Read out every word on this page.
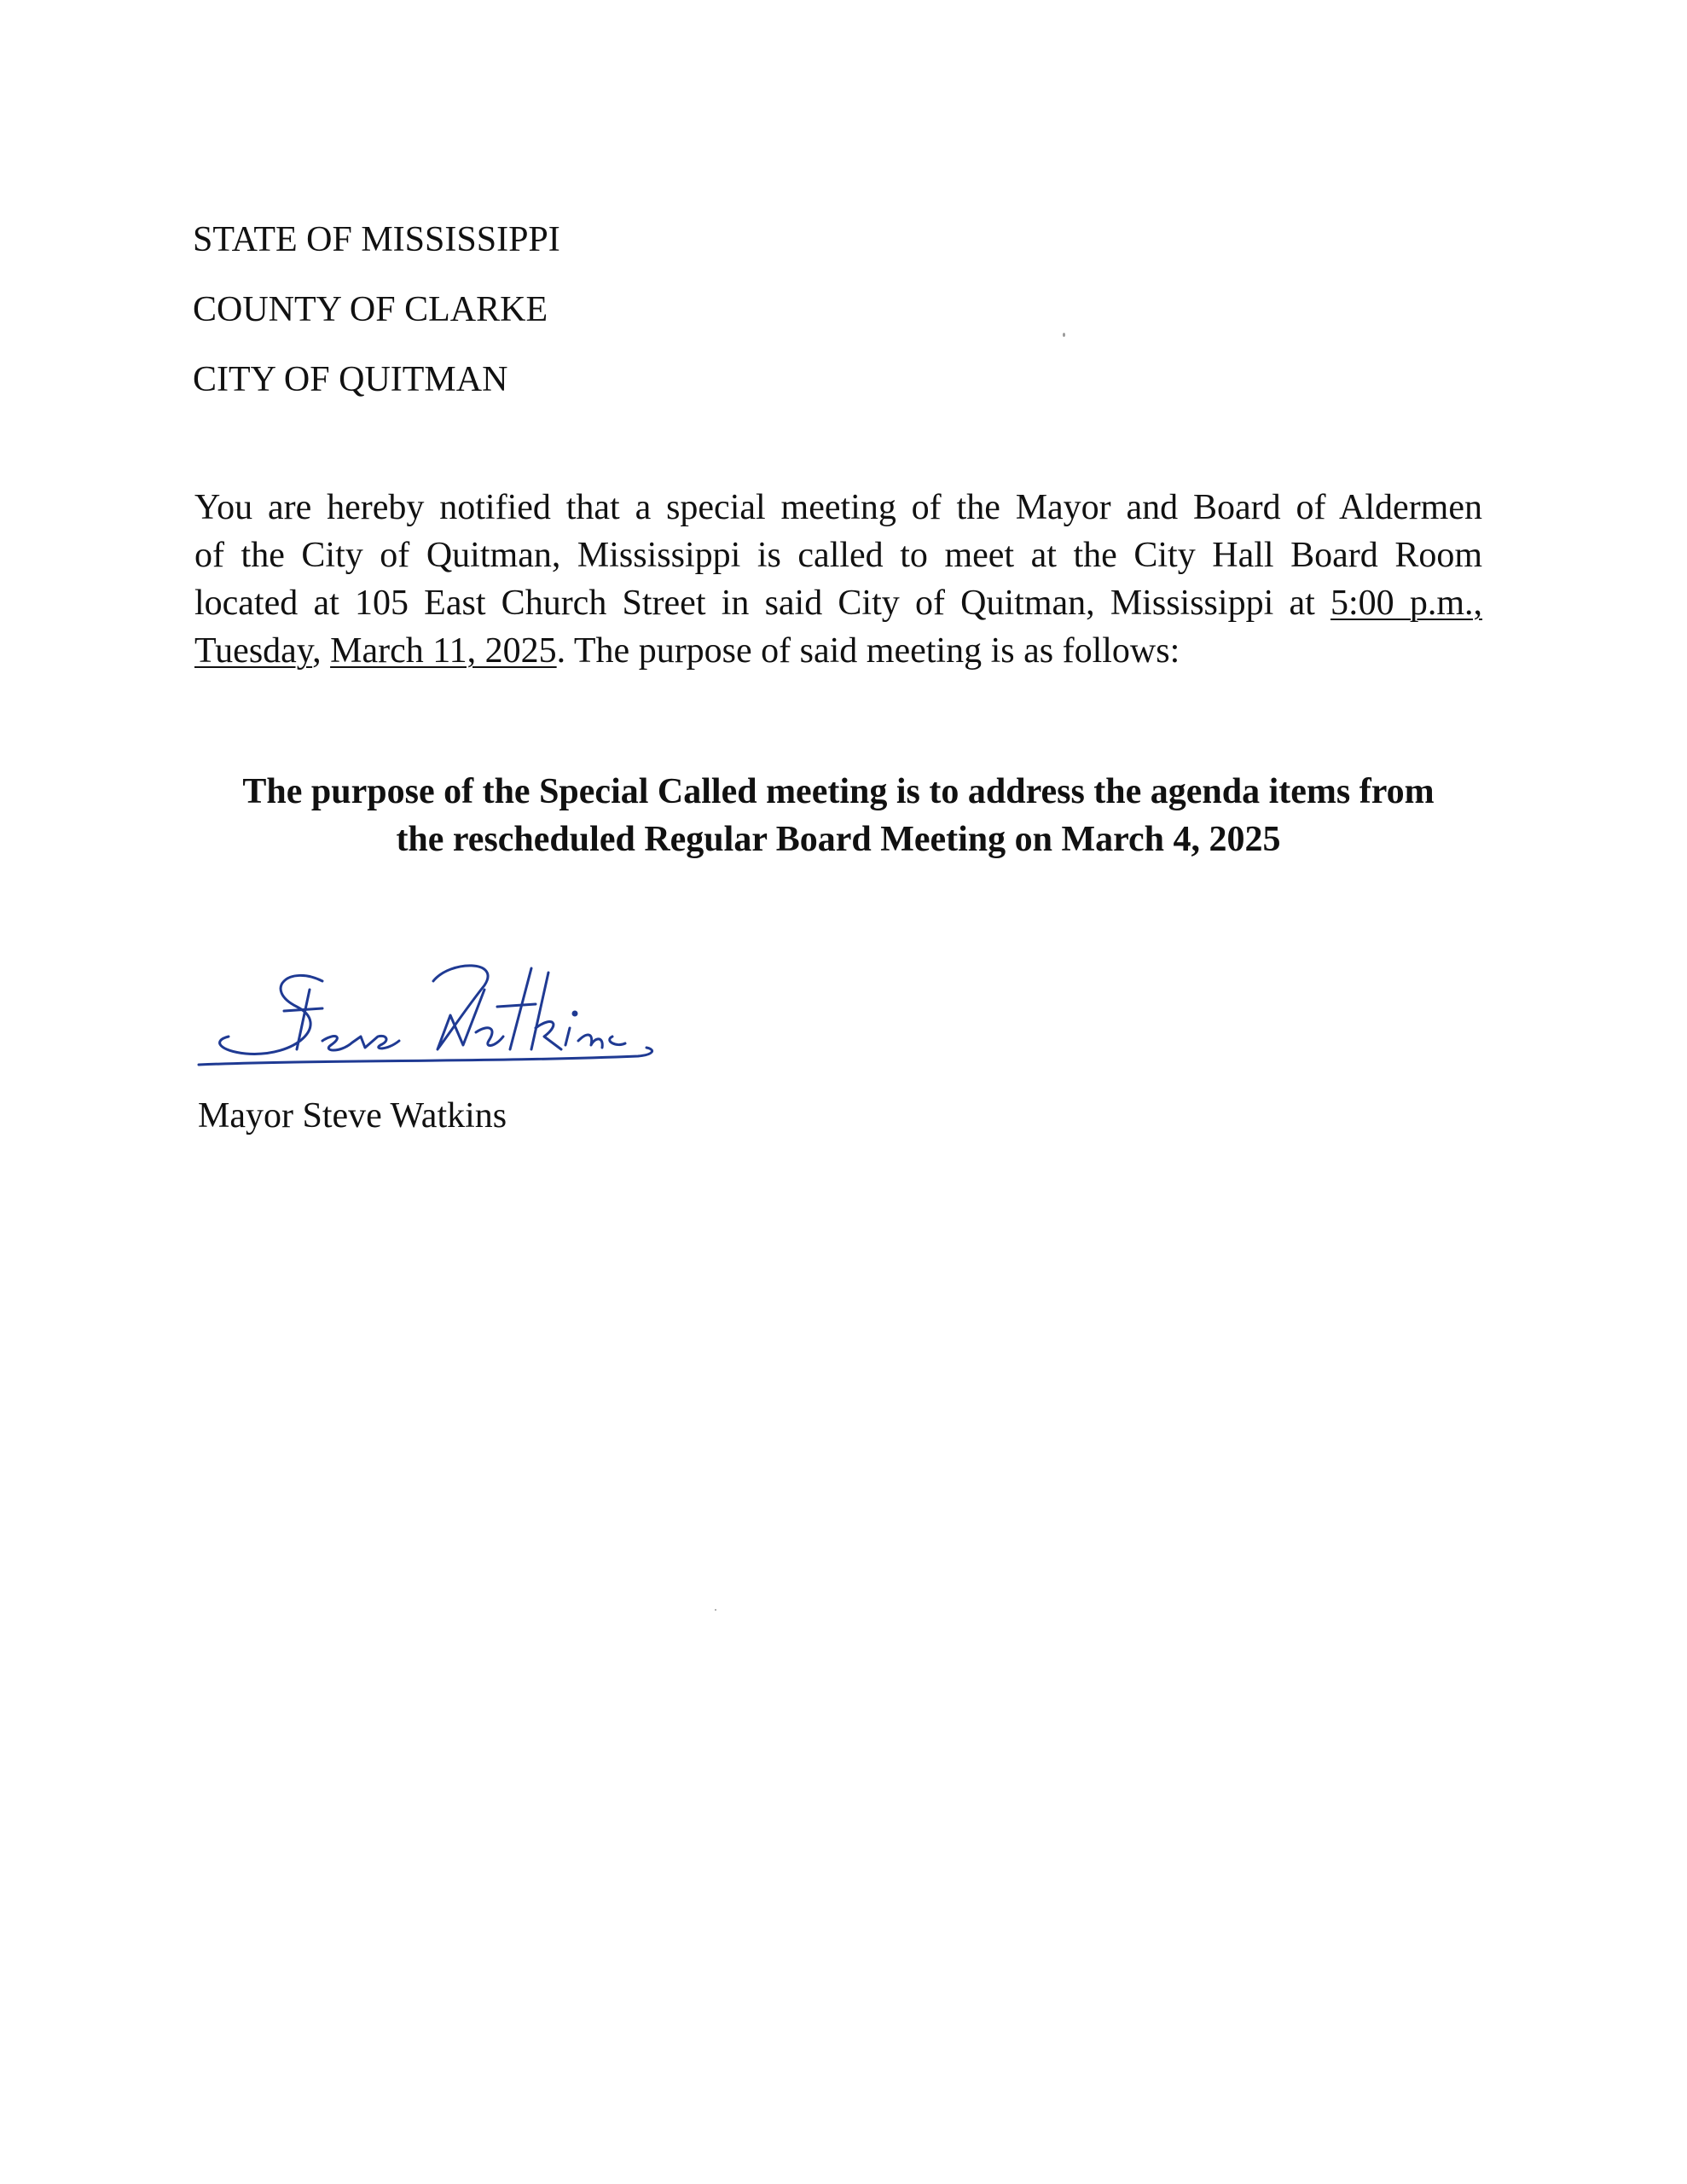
STATE OF MISSISSIPPI
COUNTY OF CLARKE
CITY OF QUITMAN
You are hereby notified that a special meeting of the Mayor and Board of Aldermen
of the City of Quitman, Mississippi is called to meet at the City Hall Board Room
located at 105 East Church Street in said City of Quitman, Mississippi at 5:00 p.m.,
Tuesday, March 11, 2025. The purpose of said meeting is as follows:
The purpose of the Special Called meeting is to address the agenda items from
the rescheduled Regular Board Meeting on March 4, 2025
Mayor Steve Watkins
